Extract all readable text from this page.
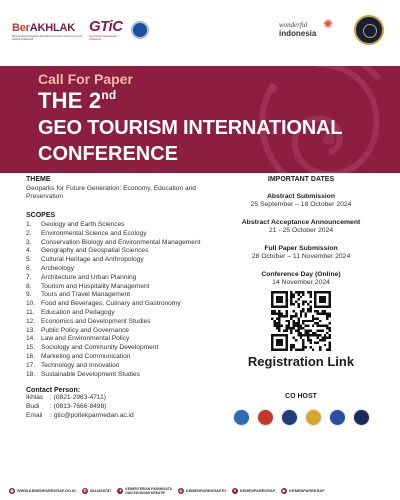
BerAKHLAK
Berorientasi Pelayanan Akuntabel Kompeten Harmonis Loyal Adaptif Kolaboratif
GTiC
Geo Tourism International Conference
wonderful
indonesia
✺
Call For Paper
THE 2nd
GEO TOURISM INTERNATIONAL
CONFERENCE
THEME
Geoparks for Future Generation: Economy, Education and Preservation
SCOPES
1.	Geology and Earth Sciences
2.	Environmental Science and Ecology
3.	Conservation Biology and Environmental Management
4.	Geography and Geospatial Sciences
5.	Cultural Heritage and Anthropology
6.	Archeology
7.	Architecture and Urban Planning
8.	Tourism and Hospitality Management
9.	Tours and Travel Management
10. Food and Beverages, Culinary and Gastronomy
11. Education and Pedagogy
12. Economics and Development Studies
13. Public Policy and Governance
14. Law and Environmental Policy
15. Sociology and Community Development
16. Marketing and Communication
17. Technology and Innovation
18. Sustainable Development Studies
Contact Person:
Ikhlas	: (0821-2963-4711)
Budi	: (0813-7666-8498)
Email	: gtic@poltekparmedan.ac.id
IMPORTANT DATES
Abstract Submission
25 September – 18 October 2024
Abstract Acceptance Announcement
21 - 25 October 2024
Full Paper Submission
28 October – 11 November 2024
Conference Day (Online)
14 November 2024
Registration Link
CO HOST
◍ WWW.KEMENPAREKRAF.GO.ID	✆ 0811895787	✦ KEMENTERIAN PARIWISATA
DAN EKONOMI KREATIF	◎ KEMENPAREKRAF.RI	✕ KEMENPAREKRAF	▶ KEMENPAREKRAF
